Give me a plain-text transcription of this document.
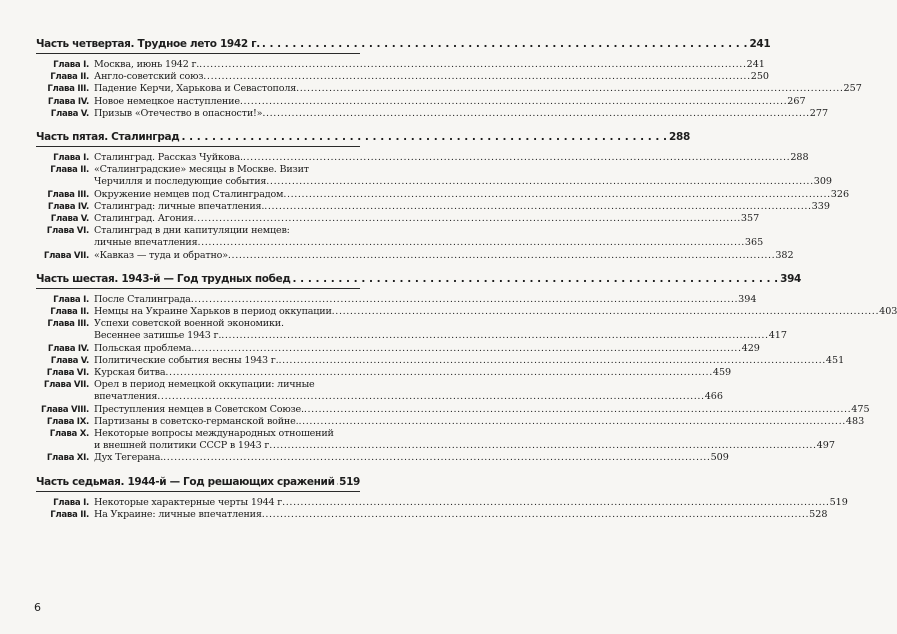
Часть четвертая. Трудное лето 1942 г. . . .	241
Глава I. Москва, июнь 1942 г. .....	241
Глава II. Англо-советский союз .....	250
Глава III. Падение Керчи, Харькова и Севастополя .....	257
Глава IV. Новое немецкое наступление .....	267
Глава V. Призыв «Отечество в опасности!» .....	277
Часть пятая. Сталинград . . .	288
Глава I. Сталинград. Рассказ Чуйкова. .....	288
Глава II. «Сталинградские» месяцы в Москве. Визит
Черчилля и последующие события .....	309
Глава III. Окружение немцев под Сталинградом .....	326
Глава IV. Сталинград: личные впечатления. .....	339
Глава V. Сталинград. Агония .....	357
Глава VI. Сталинград в дни капитуляции немцев:
личные впечатления .....	365
Глава VII. «Кавказ — туда и обратно» .....	382
Часть шестая. 1943-й — Год трудных побед . . .	394
Глава I. После Сталинграда .....	394
Глава II. Немцы на Украине Харьков в период оккупации .....	403
Глава III. Успехи советской военной экономики.
Весеннее затишье 1943 г. .....	417
Глава IV. Польская проблема. .....	429
Глава V. Политические события весны 1943 г. .....	451
Глава VI. Курская битва .....	459
Глава VII. Орел в период немецкой оккупации: личные
впечатления .....	466
Глава VIII. Преступления немцев в Советском Союзе. .....	475
Глава IX. Партизаны в советско-германской войне. .....	483
Глава X. Некоторые вопросы международных отношений
и внешней политики СССР в 1943 г .....	497
Глава XI. Дух Тегерана. .....	509
Часть седьмая. 1944-й — Год решающих сражений . . . 519
Глава I. Некоторые характерные черты 1944 г .....	519
Глава II. На Украине: личные впечатления .....	528
6
